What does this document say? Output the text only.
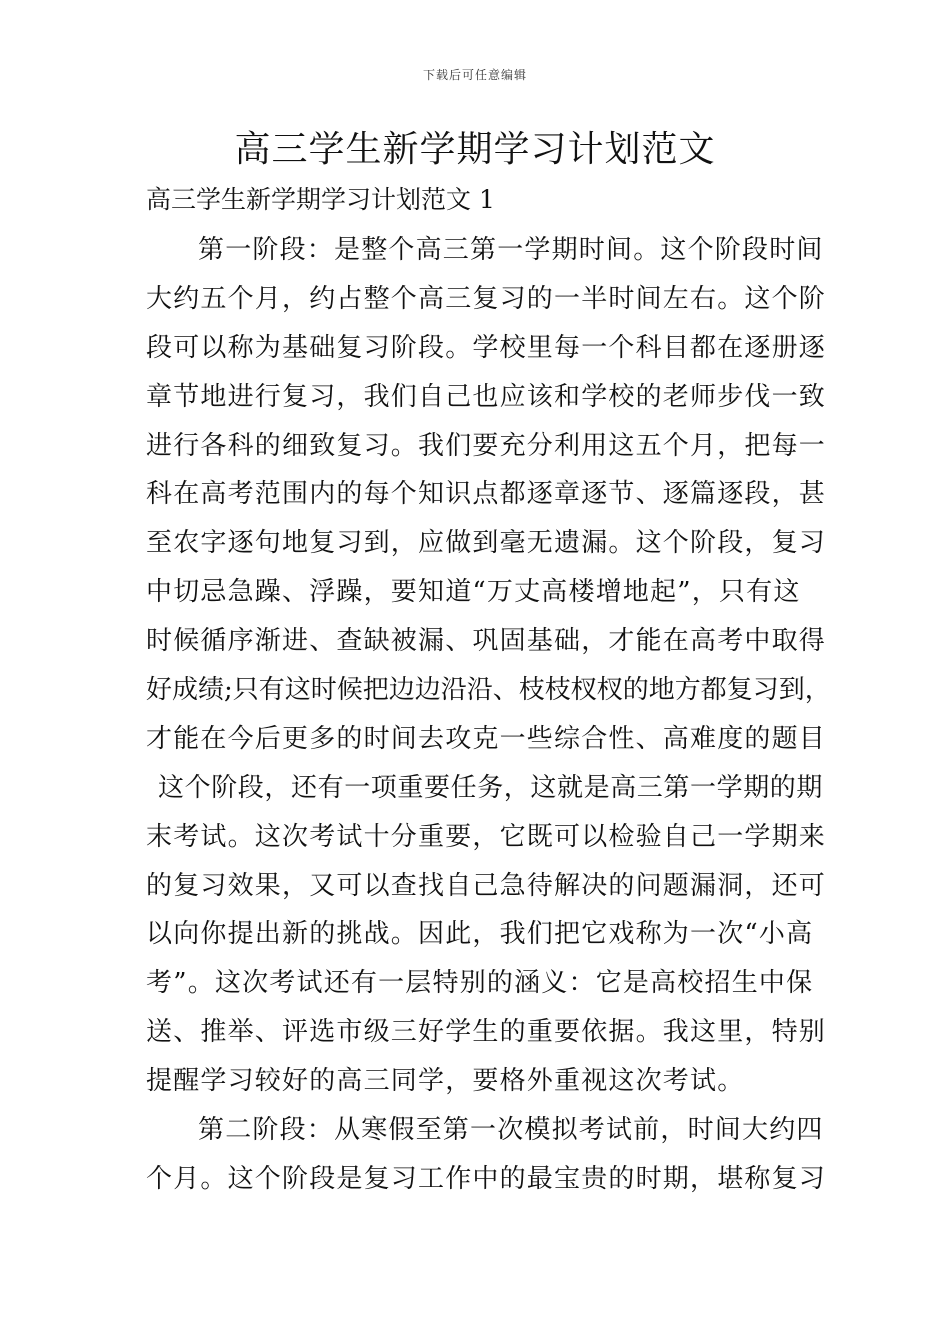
下载后可任意编辑
高三学生新学期学习计划范文
高三学生新学期学习计划范文 1
第一阶段：是整个高三第一学期时间。这个阶段时间
大约五个月，约占整个高三复习的一半时间左右。这个阶
段可以称为基础复习阶段。学校里每一个科目都在逐册逐
章节地进行复习，我们自己也应该和学校的老师步伐一致
进行各科的细致复习。我们要充分利用这五个月，把每一
科在高考范围内的每个知识点都逐章逐节、逐篇逐段，甚
至农字逐句地复习到，应做到毫无遗漏。这个阶段，复习
中切忌急躁、浮躁，要知道“万丈高楼增地起”，只有这
时候循序渐进、查缺被漏、巩固基础，才能在高考中取得
好成绩;只有这时候把边边沿沿、枝枝杈杈的地方都复习到，
才能在今后更多的时间去攻克一些综合性、高难度的题目
这个阶段，还有一项重要任务，这就是高三第一学期的期
末考试。这次考试十分重要，它既可以检验自己一学期来
的复习效果，又可以查找自己急待解决的问题漏洞，还可
以向你提出新的挑战。因此，我们把它戏称为一次“小高
考”。这次考试还有一层特别的涵义：它是高校招生中保
送、推举、评选市级三好学生的重要依据。我这里，特别
提醒学习较好的高三同学，要格外重视这次考试。
第二阶段：从寒假至第一次模拟考试前，时间大约四
个月。这个阶段是复习工作中的最宝贵的时期，堪称复习
